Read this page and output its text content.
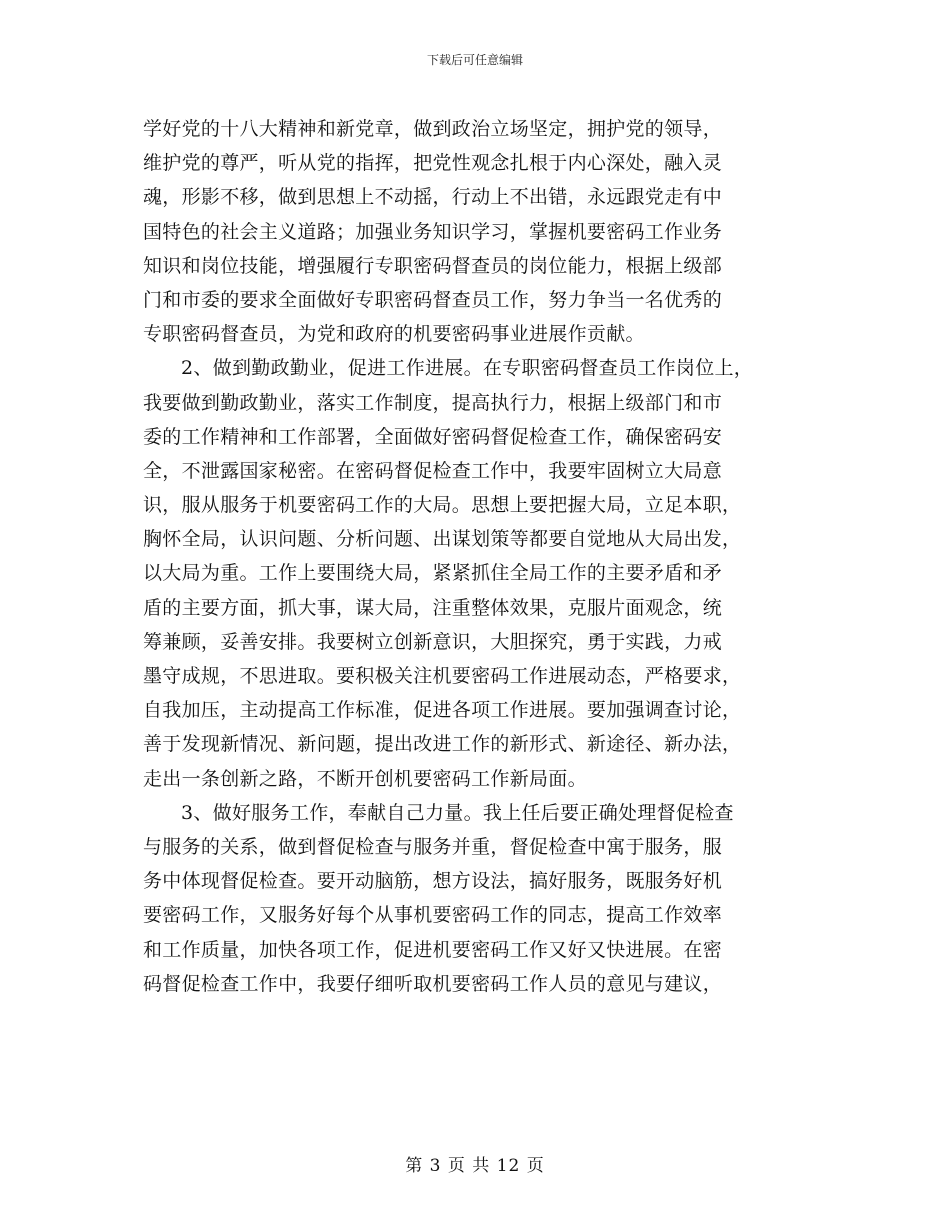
下载后可任意编辑
学好党的十八大精神和新党章，做到政治立场坚定，拥护党的领导，
维护党的尊严，听从党的指挥，把党性观念扎根于内心深处，融入灵
魂，形影不移，做到思想上不动摇，行动上不出错，永远跟党走有中
国特色的社会主义道路；加强业务知识学习，掌握机要密码工作业务
知识和岗位技能，增强履行专职密码督查员的岗位能力，根据上级部
门和市委的要求全面做好专职密码督查员工作，努力争当一名优秀的
专职密码督查员，为党和政府的机要密码事业进展作贡献。
2、做到勤政勤业，促进工作进展。在专职密码督查员工作岗位上，
我要做到勤政勤业，落实工作制度，提高执行力，根据上级部门和市
委的工作精神和工作部署，全面做好密码督促检查工作，确保密码安
全，不泄露国家秘密。在密码督促检查工作中，我要牢固树立大局意
识，服从服务于机要密码工作的大局。思想上要把握大局，立足本职，
胸怀全局，认识问题、分析问题、出谋划策等都要自觉地从大局出发，
以大局为重。工作上要围绕大局，紧紧抓住全局工作的主要矛盾和矛
盾的主要方面，抓大事，谋大局，注重整体效果，克服片面观念，统
筹兼顾，妥善安排。我要树立创新意识，大胆探究，勇于实践，力戒
墨守成规，不思进取。要积极关注机要密码工作进展动态，严格要求，
自我加压，主动提高工作标准，促进各项工作进展。要加强调查讨论，
善于发现新情况、新问题，提出改进工作的新形式、新途径、新办法，
走出一条创新之路，不断开创机要密码工作新局面。
3、做好服务工作，奉献自己力量。我上任后要正确处理督促检查
与服务的关系，做到督促检查与服务并重，督促检查中寓于服务，服
务中体现督促检查。要开动脑筋，想方设法，搞好服务，既服务好机
要密码工作，又服务好每个从事机要密码工作的同志，提高工作效率
和工作质量，加快各项工作，促进机要密码工作又好又快进展。在密
码督促检查工作中，我要仔细听取机要密码工作人员的意见与建议，
第 3 页 共 12 页
